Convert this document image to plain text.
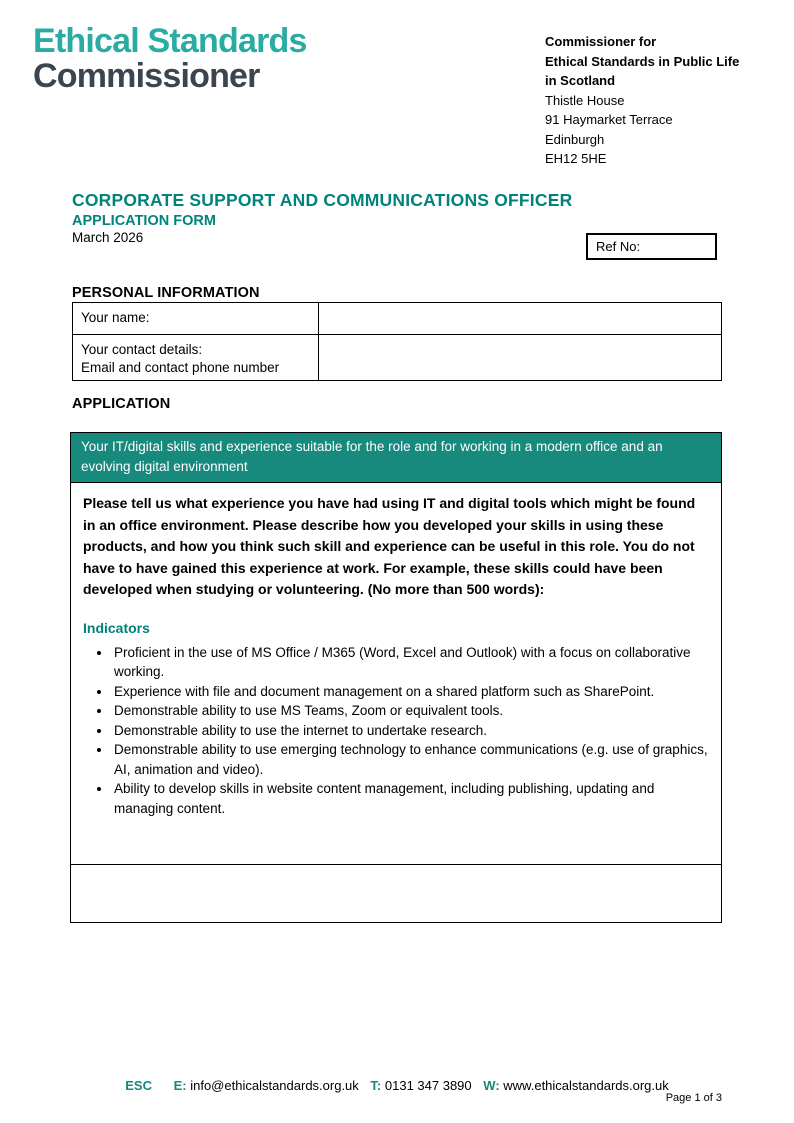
Ethical Standards
Commissioner
Commissioner for
Ethical Standards in Public Life
in Scotland
Thistle House
91 Haymarket Terrace
Edinburgh
EH12 5HE
CORPORATE SUPPORT AND COMMUNICATIONS OFFICER
APPLICATION FORM
March 2026
Ref No:
PERSONAL INFORMATION
Your name:	

Your contact details:
Email and contact phone number	

APPLICATION
Your IT/digital skills and experience suitable for the role and for working in a modern office and an evolving digital environment

Please tell us what experience you have had using IT and digital tools which might be found in an office environment. Please describe how you developed your skills in using these products, and how you think such skill and experience can be useful in this role. You do not have to have gained this experience at work. For example, these skills could have been developed when studying or volunteering. (No more than 500 words):
Indicators
• Proficient in the use of MS Office / M365 (Word, Excel and Outlook) with a focus on collaborative working.
• Experience with file and document management on a shared platform such as SharePoint.
• Demonstrable ability to use MS Teams, Zoom or equivalent tools.
• Demonstrable ability to use the internet to undertake research.
• Demonstrable ability to use emerging technology to enhance communications (e.g. use of graphics, AI, animation and video).
• Ability to develop skills in website content management, including publishing, updating and managing content.

ESC E: info@ethicalstandards.org.uk T: 0131 347 3890 W: www.ethicalstandards.org.uk
Page 1 of 3
